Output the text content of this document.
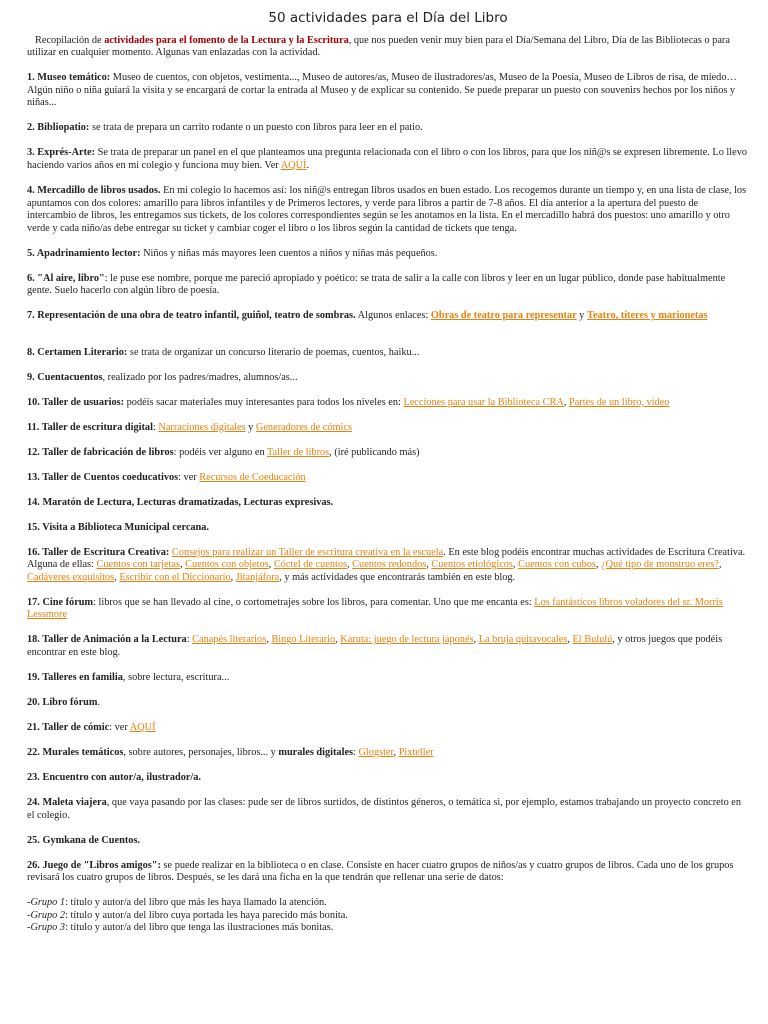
50 actividades para el Día del Libro

Recopilación de actividades para el fomento de la Lectura y la Escritura, que nos pueden venir muy bien para el Día/Semana del Libro, Día de las Bibliotecas o para utilizar en cualquier momento. Algunas van enlazadas con la actividad.

1. Museo temático: Museo de cuentos, con objetos, vestimenta..., Museo de autores/as, Museo de ilustradores/as, Museo de la Poesía, Museo de Libros de risa, de miedo…Algún niño o niña guiará la visita y se encargará de cortar la entrada al Museo y de explicar su contenido. Se puede preparar un puesto con souvenirs hechos por los niños y niñas...

2. Bibliopatio: se trata de prepara un carrito rodante o un puesto con libros para leer en el patio.

3. Exprés-Arte: Se trata de preparar un panel en el que planteamos una pregunta relacionada con el libro o con los libros, para que los niñ@s se expresen libremente. Lo llevo haciendo varios años en mi colegio y funciona muy bien. Ver AQUÍ.

4. Mercadillo de libros usados. En mi colegio lo hacemos así: los niñ@s entregan libros usados en buen estado. Los recogemos durante un tiempo y, en una lista de clase, los apuntamos con dos colores: amarillo para libros infantiles y de Primeros lectores, y verde para libros a partir de 7-8 años. El día anterior a la apertura del puesto de intercambio de libros, les entregamos sus tickets, de los colores correspondientes según se les anotamos en la lista. En el mercadillo habrá dos puestos: uno amarillo y otro verde y cada niño/as debe entregar su ticket y cambiar coger el libro o los libros según la cantidad de tickets que tenga.

5. Apadrinamiento lector: Niños y niñas más mayores leen cuentos a niños y niñas más pequeños.

6. "Al aire, libro": le puse ese nombre, porque me pareció apropiado y poético: se trata de salir a la calle con libros y leer en un lugar público, donde pase habitualmente gente. Suelo hacerlo con algún libro de poesía.

7. Representación de una obra de teatro infantil, guiñol, teatro de sombras. Algunos enlaces: Obras de teatro para representar y Teatro, títeres y marionetas

8. Certamen Literario: se trata de organizar un concurso literario de poemas, cuentos, haiku...

9. Cuentacuentos, realizado por los padres/madres, alumnos/as...

10. Taller de usuarios: podéis sacar materiales muy interesantes para todos los niveles en: Lecciones para usar la Biblioteca CRA, Partes de un libro, video

11. Taller de escritura digital: Narraciones digitales y Generadores de cómics

12. Taller de fabricación de libros: podéis ver alguno en Taller de libros, (iré publicando más)

13. Taller de Cuentos coeducativos: ver Recursos de Coeducación

14. Maratón de Lectura, Lecturas dramatizadas, Lecturas expresivas.

15. Visita a Biblioteca Municipal cercana.

16. Taller de Escritura Creativa: Consejos para realizar un Taller de escritura creativa en la escuela. En este blog podéis encontrar muchas actividades de Escritura Creativa. Alguna de ellas: Cuentos con tarjetas, Cuentos con objetos, Cóctel de cuentos, Cuentos redondos, Cuentos etiológicos, Cuentos con cubos, ¿Qué tipo de monstruo eres?, Cadáveres exquisitos, Escribir con el Diccionario, Jitanjáfora, y más actividades que encontrarás también en este blog.

17. Cine fórum: libros que se han llevado al cine, o cortometrajes sobre los libros, para comentar. Uno que me encanta es: Los fantásticos libros voladores del sr. Morris Lessmore

18. Taller de Animación a la Lectura: Canapés literarios, Bingo Literario, Karuta: juego de lectura japonés, La bruja quitavocales, El Bululú, y otros juegos que podéis encontrar en este blog.

19. Talleres en familia, sobre lectura, escritura...

20. Libro fórum.

21. Taller de cómic: ver AQUÍ

22. Murales temáticos, sobre autores, personajes, libros... y murales digitales: Glogster, Pixteller

23. Encuentro con autor/a, ilustrador/a.

24. Maleta viajera, que vaya pasando por las clases: pude ser de libros surtidos, de distintos géneros, o temática si, por ejemplo, estamos trabajando un proyecto concreto en el colegio.

25. Gymkana de Cuentos.

26. Juego de "Libros amigos": se puede realizar en la biblioteca o en clase. Consiste en hacer cuatro grupos de niños/as y cuatro grupos de libros. Cada uno de los grupos revisará los cuatro grupos de libros. Después, se les dará una ficha en la que tendrán que rellenar una serie de datos:

-Grupo 1: título y autor/a del libro que más les haya llamado la atención.
-Grupo 2: título y autor/a del libro cuya portada les haya parecido más bonita.
-Grupo 3: título y autor/a del libro que tenga las ilustraciones más bonitas.
